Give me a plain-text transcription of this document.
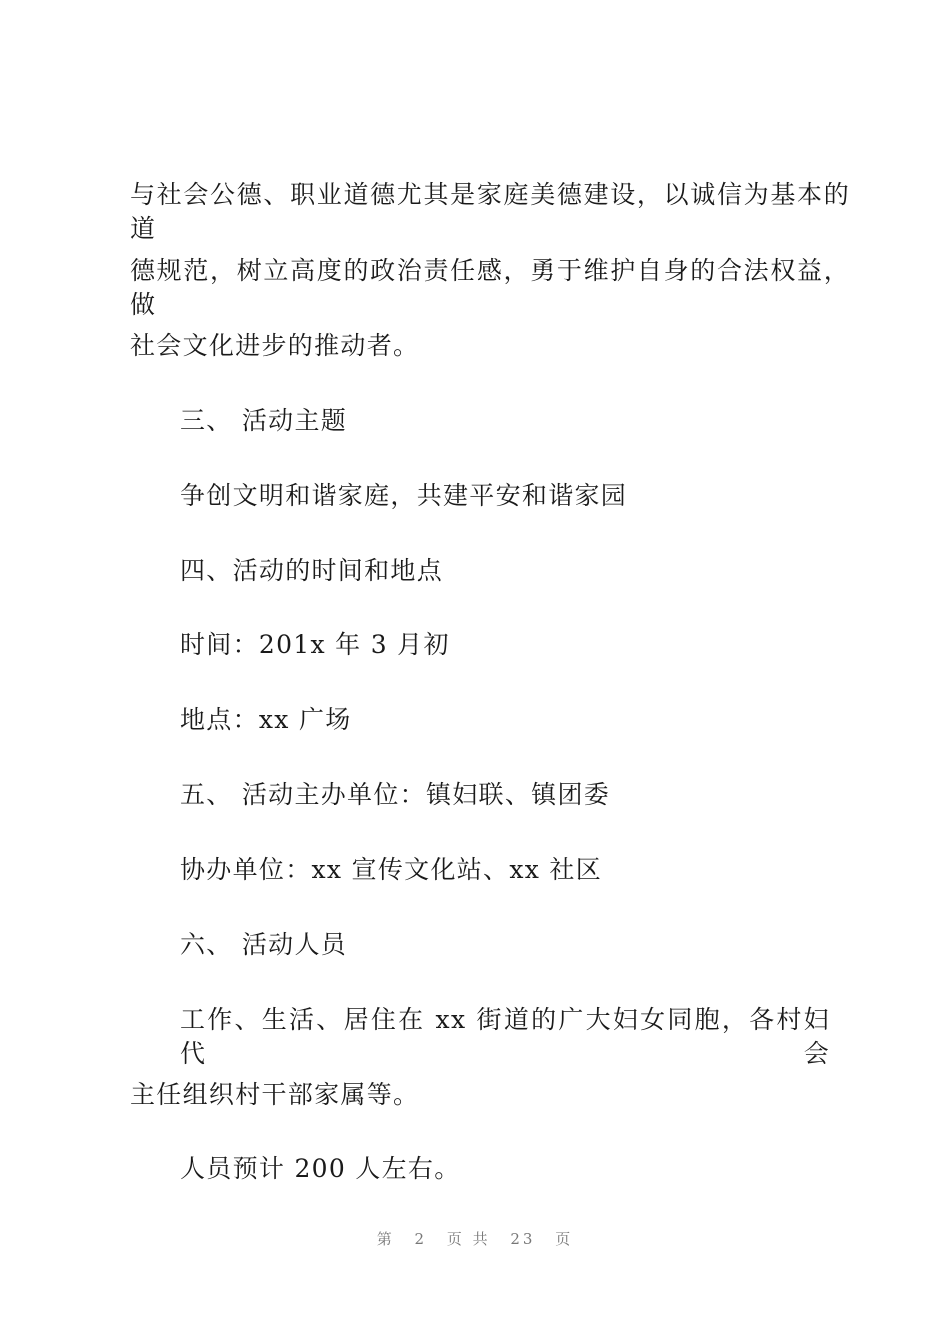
与社会公德、职业道德尤其是家庭美德建设，以诚信为基本的道
德规范，树立高度的政治责任感，勇于维护自身的合法权益，做
社会文化进步的推动者。
三、 活动主题
争创文明和谐家庭，共建平安和谐家园
四、活动的时间和地点
时间：201x 年 3 月初
地点：xx 广场
五、 活动主办单位：镇妇联、镇团委
协办单位：xx 宣传文化站、xx 社区
六、 活动人员
工作、生活、居住在 xx 街道的广大妇女同胞，各村妇代会
主任组织村干部家属等。
人员预计 200 人左右。
第 2 页 共 23 页
